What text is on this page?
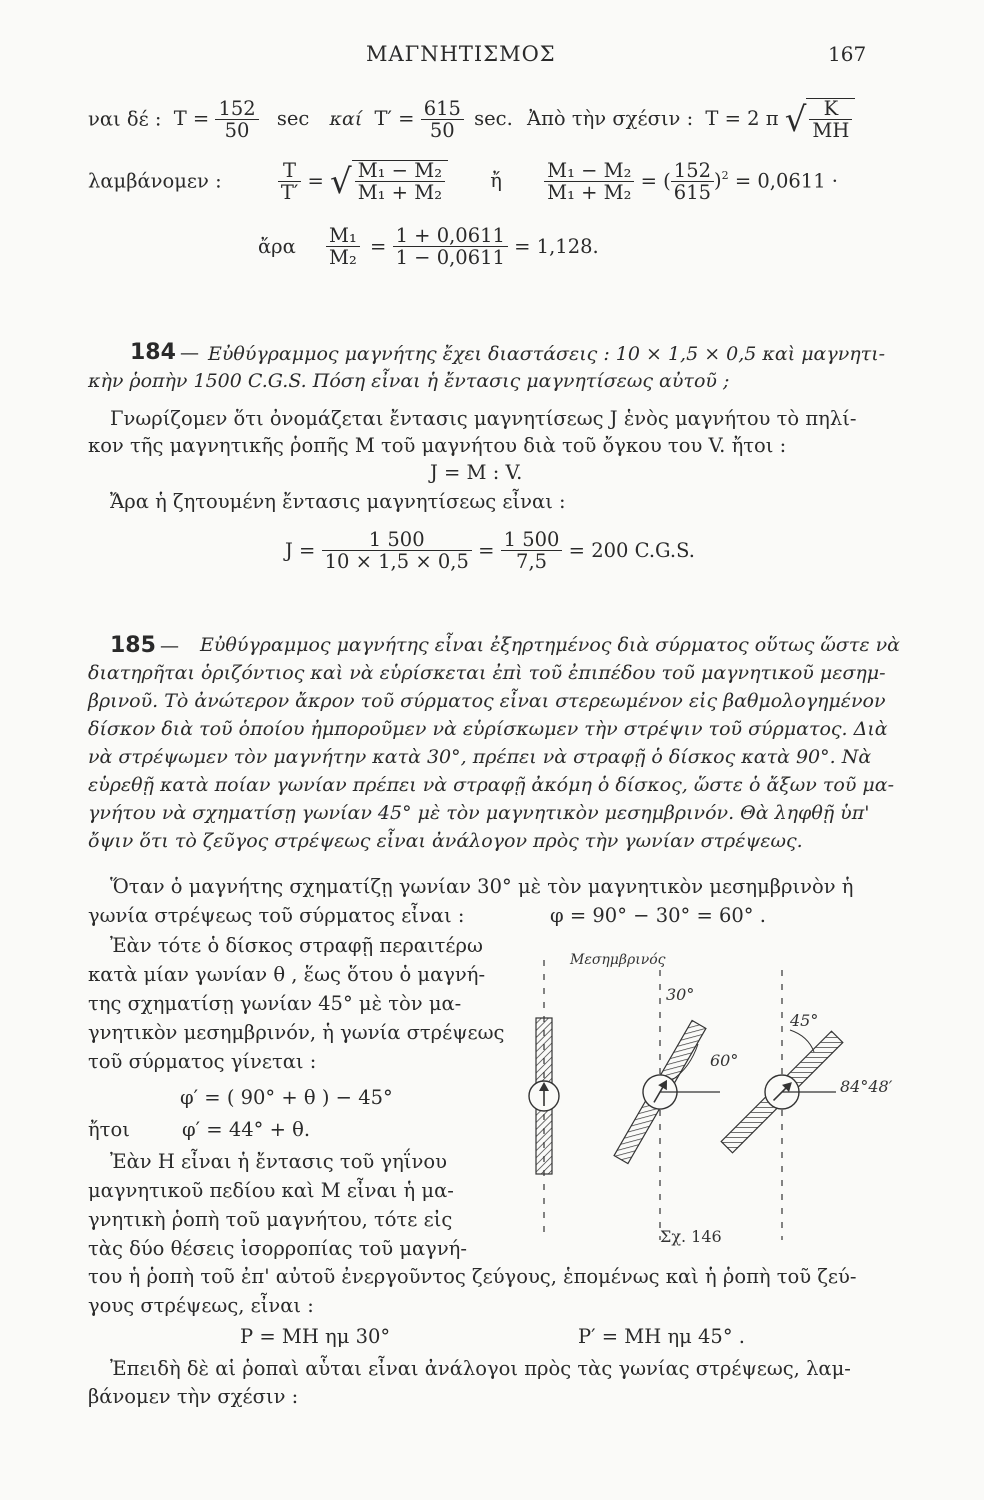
ΜΑΓΝΗΤΙΣΜΟΣ	167
ναι δέ : $T = \frac{152}{50}$ sec καί $T' = \frac{615}{50} \sec$. Ἀπὸ τὴν σχέσιν : T = 2 π √ $\frac{K}{MH}$
λαμβάνομεν :	$\frac{T}{T'}$ = √ $\frac{\text{M₁ − M₂}}{\text{M₁ + M₂}}$ ἤ $\frac{\text{M₁ − M₂}}{\text{M₁ + M₂}}$ = ( $\frac{152}{615} )^2 = 0,0611$ ·
ἄρα $\frac{\text{M₁}}{\text{M₂}} = \frac{1 + 0,0611}{1 - 0,0611} = 1,128$.
184 — Εὐθύγραμμος μαγνήτης ἔχει διαστάσεις : 10 × 1,5 × 0,5 καὶ μαγνητι-
κὴν ῥοπὴν 1500 C.G.S. Πόση εἶναι ἡ ἔντασις μαγνητίσεως αὐτοῦ ;
Γνωρίζομεν ὅτι ὀνομάζεται ἔντασις μαγνητίσεως J ἑνὸς μαγνήτου τὸ πηλί-
κον τῆς μαγνητικῆς ῥοπῆς M τοῦ μαγνήτου διὰ τοῦ ὄγκου του V. ἤτοι :
J = M : V.
Ἄρα ἡ ζητουμένη ἔντασις μαγνητίσεως εἶναι :
$J = \frac{1 500}{10 \times 1,5 \times 0,5} = \frac{1 500}{7,5} = 200$ C.G.S.
185 — Εὐθύγραμμος μαγνήτης εἶναι ἐξηρτημένος διὰ σύρματος οὕτως ὥστε νὰ
διατηρῆται ὁριζόντιος καὶ νὰ εὑρίσκεται ἐπὶ τοῦ ἐπιπέδου τοῦ μαγνητικοῦ μεσημ-
βρινοῦ. Τὸ ἀνώτερον ἄκρον τοῦ σύρματος εἶναι στερεωμένον εἰς βαθμολογημένον
δίσκον διὰ τοῦ ὁποίου ἠμποροῦμεν νὰ εὑρίσκωμεν τὴν στρέψιν τοῦ σύρματος. Διὰ
νὰ στρέψωμεν τὸν μαγνήτην κατὰ 30°, πρέπει νὰ στραφῇ ὁ δίσκος κατὰ 90°. Νὰ
εὑρεθῇ κατὰ ποίαν γωνίαν πρέπει νὰ στραφῇ ἀκόμη ὁ δίσκος, ὥστε ὁ ἄξων τοῦ μα-
γνήτου νὰ σχηματίσῃ γωνίαν 45° μὲ τὸν μαγνητικὸν μεσημβρινόν. Θὰ ληφθῇ ὑπ'
ὄψιν ὅτι τὸ ζεῦγος στρέψεως εἶναι ἀνάλογον πρὸς τὴν γωνίαν στρέψεως.
Ὅταν ὁ μαγνήτης σχηματίζῃ γωνίαν 30° μὲ τὸν μαγνητικὸν μεσημβρινὸν ἡ
γωνία στρέψεως τοῦ σύρματος εἶναι :	φ = 90° − 30° = 60° .
Ἐὰν τότε ὁ δίσκος στραφῇ περαιτέρω
κατὰ μίαν γωνίαν θ , ἕως ὅτου ὁ μαγνή-
της σχηματίσῃ γωνίαν 45° μὲ τὸν μα-
γνητικὸν μεσημβρινόν, ἡ γωνία στρέψεως
τοῦ σύρματος γίνεται :
φ′ = ( 90° + θ ) − 45°
ἤτοι	φ′ = 44° + θ.
Ἐὰν H εἶναι ἡ ἔντασις τοῦ γηΐνου
μαγνητικοῦ πεδίου καὶ M εἶναι ἡ μα-
γνητικὴ ῥοπὴ τοῦ μαγνήτου, τότε εἰς
τὰς δύο θέσεις ἰσορροπίας τοῦ μαγνή-
του ἡ ῥοπὴ τοῦ ἐπ' αὐτοῦ ἐνεργοῦντος ζεύγους, ἑπομένως καὶ ἡ ῥοπὴ τοῦ ζεύ-
γους στρέψεως, εἶναι :
P = MH ημ 30°	P′ = MH ημ 45° .
Ἐπειδὴ δὲ αἱ ῥοπαὶ αὗται εἶναι ἀνάλογοι πρὸς τὰς γωνίας στρέψεως, λαμ-
βάνομεν τὴν σχέσιν :
Μεσημβρινός
30°
60°
45°
84°48′
Σχ. 146
